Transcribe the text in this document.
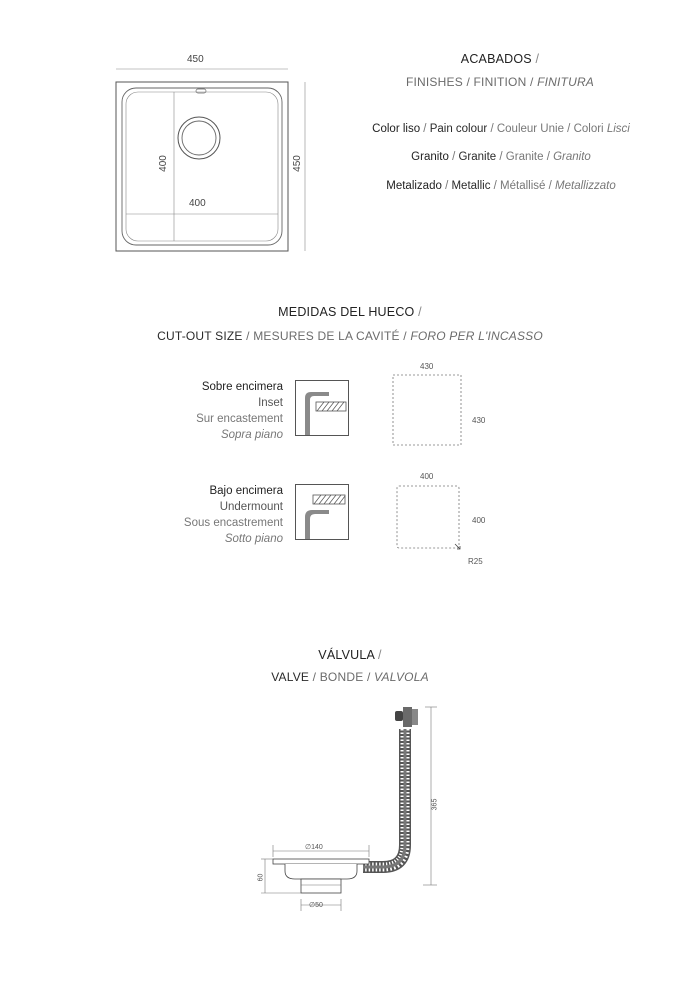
450
450
400
400
ACABADOS /
FINISHES / FINITION / FINITURA
Color liso / Pain colour / Couleur Unie / Colori Lisci
Granito / Granite / Granite / Granito
Metalizado / Metallic / Métallisé / Metallizzato
MEDIDAS DEL HUECO /
CUT-OUT SIZE / MESURES DE LA CAVITÉ / FORO PER L'INCASSO
Sobre encimera
Inset
Sur encastement
Sopra piano
430
430
Bajo encimera
Undermount
Sous encastrement
Sotto piano
400
400
R25
VÁLVULA /
VALVE / BONDE / VALVOLA
∅140
∅50
60
365
